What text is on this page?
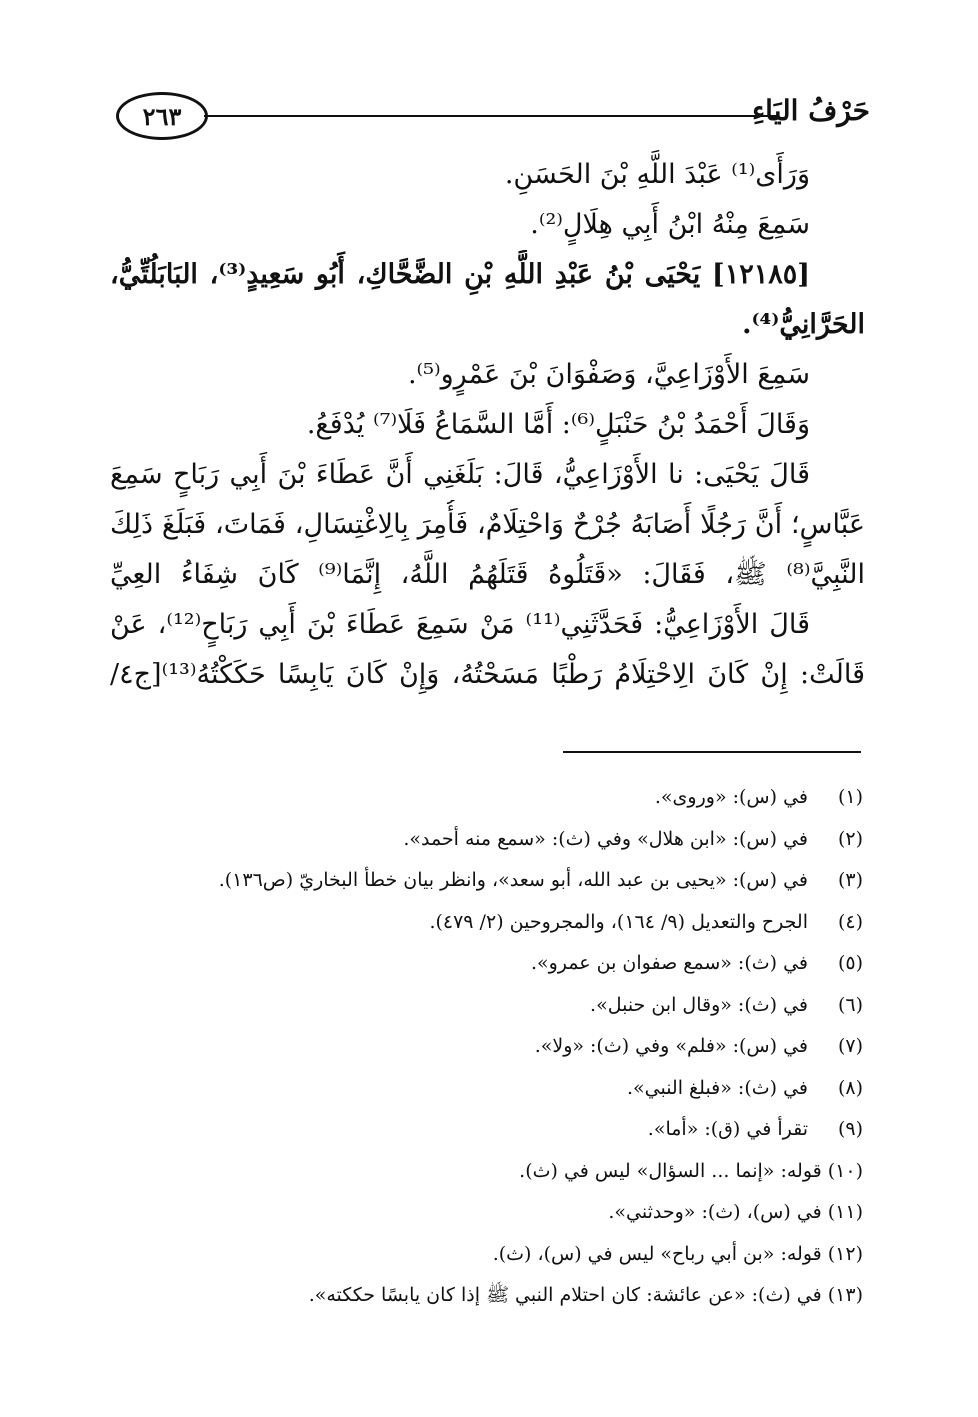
٢٦٣	حَرْفُ اليَاءِ
وَرَأَى⁽¹⁾ عَبْدَ اللَّهِ بْنَ الحَسَنِ.
سَمِعَ مِنْهُ ابْنُ أَبِي هِلَالٍ⁽²⁾.
[١٢١٨٥] يَحْيَى بْنُ عَبْدِ اللَّهِ بْنِ الضَّحَّاكِ، أَبُو سَعِيدٍ⁽³⁾، البَابَلُتِّيُّ،
الحَرَّانِيُّ⁽⁴⁾.
سَمِعَ الأَوْزَاعِيَّ، وَصَفْوَانَ بْنَ عَمْرٍو⁽⁵⁾.
وَقَالَ أَحْمَدُ بْنُ حَنْبَلٍ⁽⁶⁾: أَمَّا السَّمَاعُ فَلَا⁽⁷⁾ يُدْفَعُ.
قَالَ يَحْيَى: نا الأَوْزَاعِيُّ، قَالَ: بَلَغَنِي أَنَّ عَطَاءَ بْنَ أَبِي رَبَاحٍ سَمِعَ
عَبَّاسٍ؛ أَنَّ رَجُلًا أَصَابَهُ جُرْحٌ وَاحْتِلَامٌ، فَأُمِرَ بِالِاغْتِسَالِ، فَمَاتَ، فَبَلَغَ ذَلِكَ
النَّبِيَّ⁽⁸⁾ ﷺ، فَقَالَ: «قَتَلُوهُ قَتَلَهُمُ اللَّهُ، إِنَّمَا⁽⁹⁾ كَانَ شِفَاءُ العِيِّ
قَالَ الأَوْزَاعِيُّ: فَحَدَّثَنِي⁽¹¹⁾ مَنْ سَمِعَ عَطَاءَ بْنَ أَبِي رَبَاحٍ⁽¹²⁾، عَنْ
قَالَتْ: إِنْ كَانَ الِاحْتِلَامُ رَطْبًا مَسَحْتُهُ، وَإِنْ كَانَ يَابِسًا حَكَكْتُهُ⁽¹³⁾[ج٤/
(١)في (س): «وروى».
(٢)في (س): «ابن هلال» وفي (ث): «سمع منه أحمد».
(٣)في (س): «يحيى بن عبد الله، أبو سعد»، وانظر بيان خطأ البخاريّ (ص١٣٦).
(٤)الجرح والتعديل (٩/ ١٦٤)، والمجروحين (٢/ ٤٧٩).
(٥)في (ث): «سمع صفوان بن عمرو».
(٦)في (ث): «وقال ابن حنبل».
(٧)في (س): «فلم» وفي (ث): «ولا».
(٨)في (ث): «فبلغ النبي».
(٩)تقرأ في (ق): «أما».
(١٠)قوله: «إنما ... السؤال» ليس في (ث).
(١١)في (س)، (ث): «وحدثني».
(١٢)قوله: «بن أبي رباح» ليس في (س)، (ث).
(١٣)في (ث): «عن عائشة: كان احتلام النبي ﷺ إذا كان يابسًا حككته».
